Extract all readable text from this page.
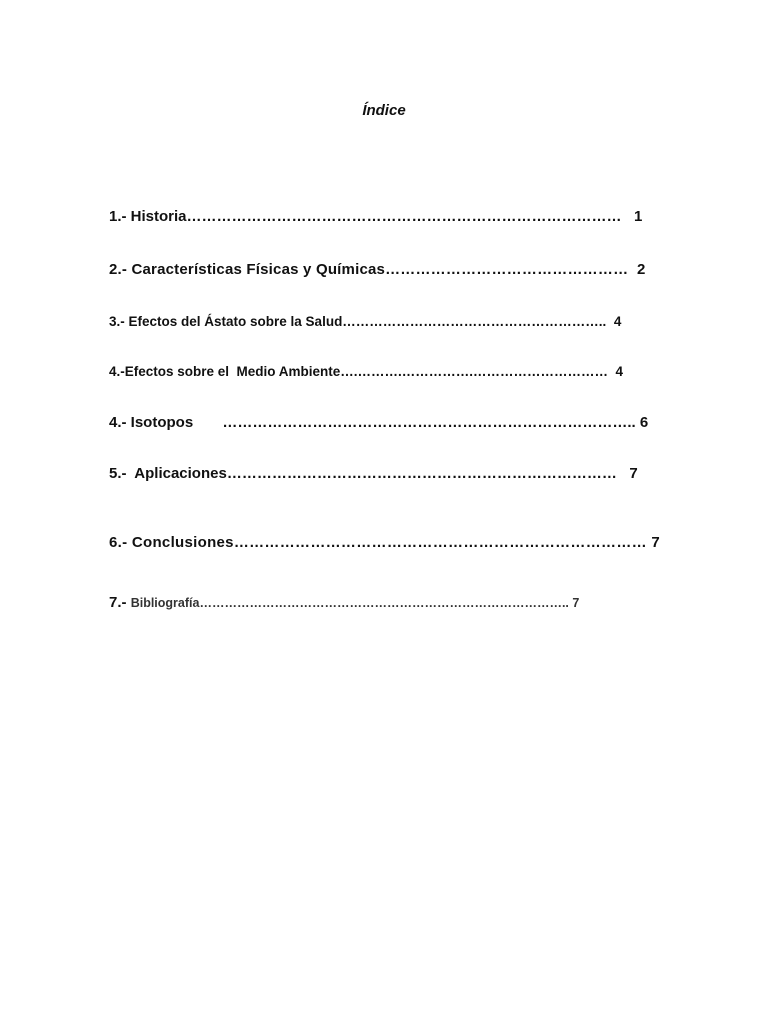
Índice
1.- Historia……………………………………………………………………………   1
2.- Características Físicas y Químicas…………………………………………  2
3.- Efectos del Ástato sobre la Salud…………………………………………………..  4
4.-Efectos sobre el  Medio Ambiente….……….…………….…………………………  4
4.- Isotopos       ……………………………………………………………………….. 6
5.-  Aplicaciones……………………………………………………………………   7
6.- Conclusiones……………………………………………………………………… 7
7.- Bibliografía…………………………………………………………………………….. 7
